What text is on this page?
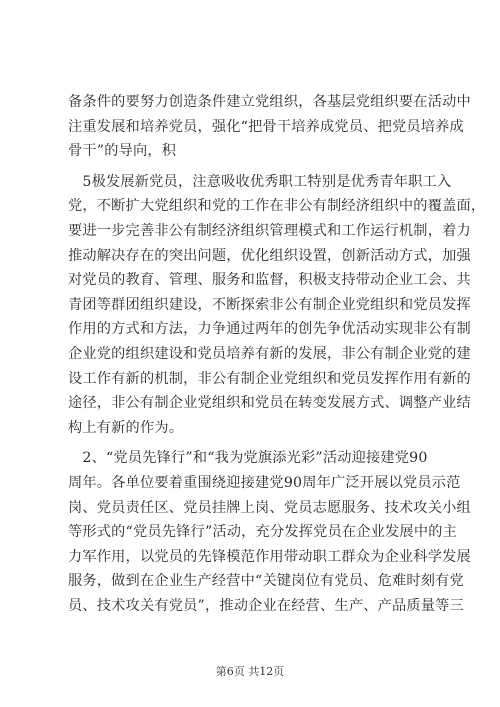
备条件的要努力创造条件建立党组织，各基层党组织要在活动中
注重发展和培养党员，强化“把骨干培养成党员、把党员培养成
骨干”的导向，积

　5极发展新党员，注意吸收优秀职工特别是优秀青年职工入
党，不断扩大党组织和党的工作在非公有制经济组织中的覆盖面，
要进一步完善非公有制经济组织管理模式和工作运行机制，着力
推动解决存在的突出问题，优化组织设置，创新活动方式，加强
对党员的教育、管理、服务和监督，积极支持带动企业工会、共
青团等群团组织建设，不断探索非公有制企业党组织和党员发挥
作用的方式和方法，力争通过两年的创先争优活动实现非公有制
企业党的组织建设和党员培养有新的发展，非公有制企业党的建
设工作有新的机制，非公有制企业党组织和党员发挥作用有新的
途径，非公有制企业党组织和党员在转变发展方式、调整产业结
构上有新的作为。

　2、“党员先锋行”和“我为党旗添光彩”活动迎接建党90
周年。各单位要着重围绕迎接建党90周年广泛开展以党员示范
岗、党员责任区、党员挂牌上岗、党员志愿服务、技术攻关小组
等形式的“党员先锋行”活动，充分发挥党员在企业发展中的主
力军作用，以党员的先锋模范作用带动职工群众为企业科学发展
服务，做到在企业生产经营中“关键岗位有党员、危难时刻有党
员、技术攻关有党员”，推动企业在经营、生产、产品质量等三

第6页 共12页
